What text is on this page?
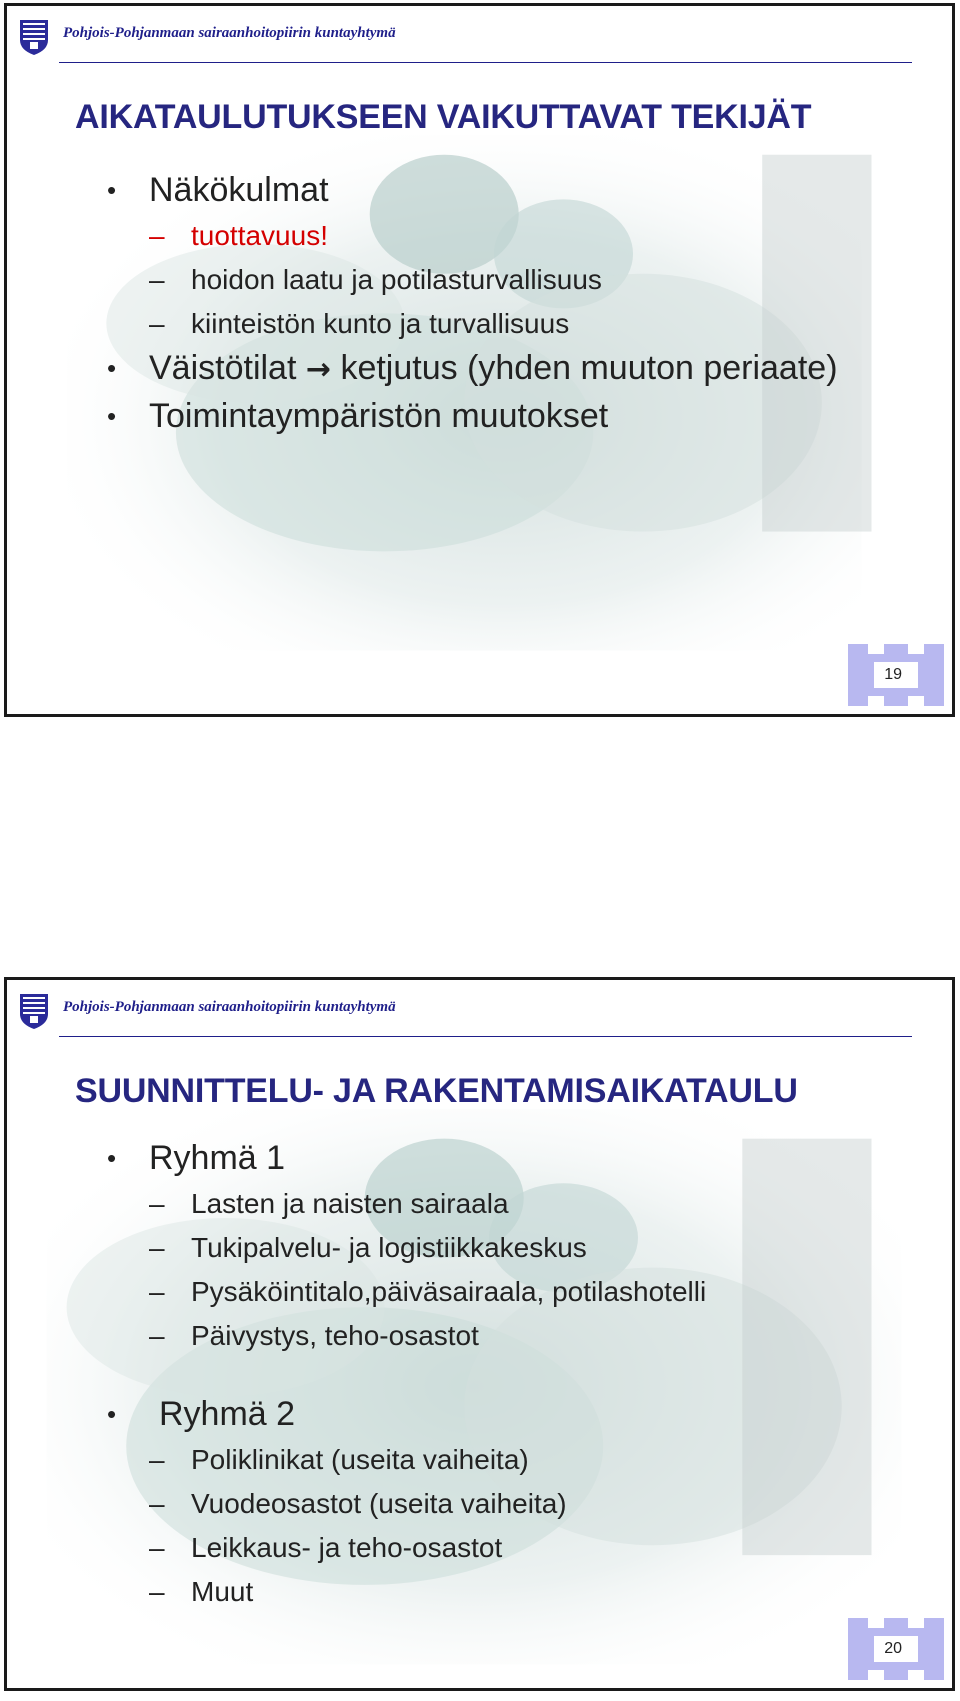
Pohjois-Pohjanmaan sairaanhoitopiirin kuntayhtymä
AIKATAULUTUKSEEN VAIKUTTAVAT TEKIJÄT
• Näkökulmat
– tuottavuus!
– hoidon laatu ja potilasturvallisuus
– kiinteistön kunto ja turvallisuus
• Väistötilat → ketjutus (yhden muuton periaate)
• Toimintaympäristön muutokset
19
Pohjois-Pohjanmaan sairaanhoitopiirin kuntayhtymä
SUUNNITTELU- JA RAKENTAMISAIKATAULU
• Ryhmä 1
– Lasten ja naisten sairaala
– Tukipalvelu- ja logistiikkakeskus
– Pysäköintitalo,päiväsairaala, potilashotelli
– Päivystys, teho-osastot
• Ryhmä 2
– Poliklinikat (useita vaiheita)
– Vuodeosastot (useita vaiheita)
– Leikkaus- ja teho-osastot
– Muut
20
